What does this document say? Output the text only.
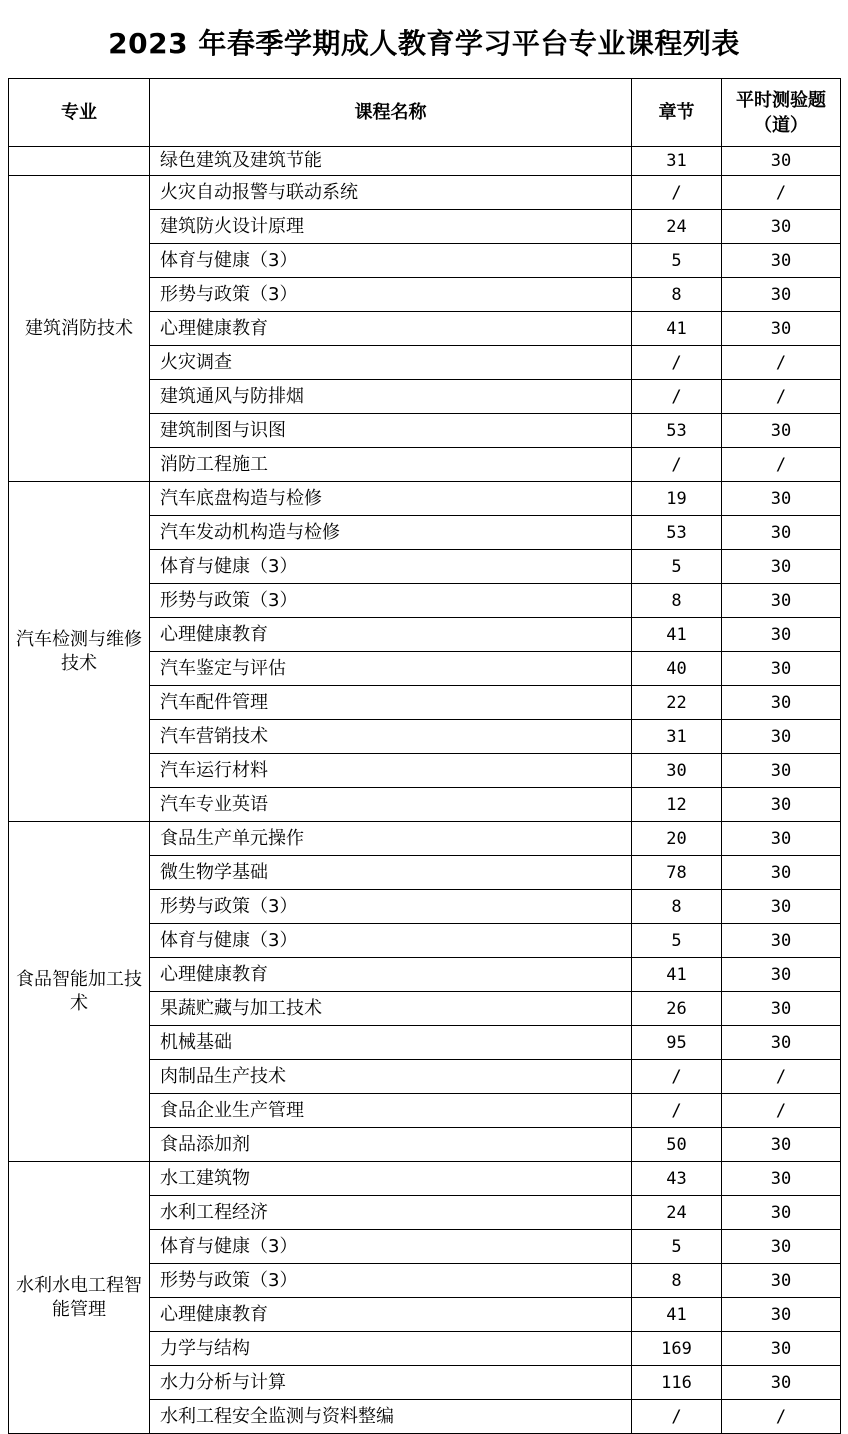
2023 年春季学期成人教育学习平台专业课程列表
专业	课程名称	章节	平时测验题（道）
	绿色建筑及建筑节能	31	30
建筑消防技术	火灾自动报警与联动系统	/	/
	建筑防火设计原理	24	30
	体育与健康（3）	5	30
	形势与政策（3）	8	30
	心理健康教育	41	30
	火灾调查	/	/
	建筑通风与防排烟	/	/
	建筑制图与识图	53	30
	消防工程施工	/	/
汽车检测与维修技术	汽车底盘构造与检修	19	30
	汽车发动机构造与检修	53	30
	体育与健康（3）	5	30
	形势与政策（3）	8	30
	心理健康教育	41	30
	汽车鉴定与评估	40	30
	汽车配件管理	22	30
	汽车营销技术	31	30
	汽车运行材料	30	30
	汽车专业英语	12	30
食品智能加工技术	食品生产单元操作	20	30
	微生物学基础	78	30
	形势与政策（3）	8	30
	体育与健康（3）	5	30
	心理健康教育	41	30
	果蔬贮藏与加工技术	26	30
	机械基础	95	30
	肉制品生产技术	/	/
	食品企业生产管理	/	/
	食品添加剂	50	30
水利水电工程智能管理	水工建筑物	43	30
	水利工程经济	24	30
	体育与健康（3）	5	30
	形势与政策（3）	8	30
	心理健康教育	41	30
	力学与结构	169	30
	水力分析与计算	116	30
	水利工程安全监测与资料整编	/	/
